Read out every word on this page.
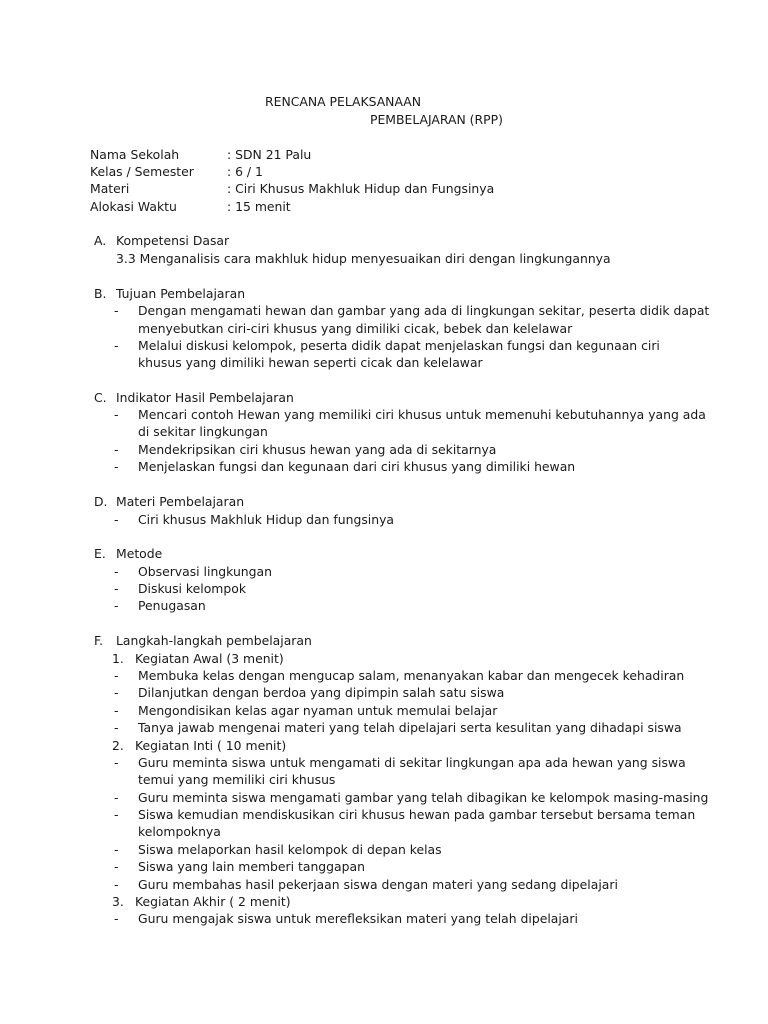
RENCANA PELAKSANAAN
PEMBELAJARAN (RPP)
Nama Sekolah	: SDN 21 Palu
Kelas / Semester	: 6 / 1
Materi	: Ciri Khusus Makhluk Hidup dan Fungsinya
Alokasi Waktu	: 15 menit
A. Kompetensi Dasar
3.3 Menganalisis cara makhluk hidup menyesuaikan diri dengan lingkungannya
B. Tujuan Pembelajaran
- Dengan mengamati hewan dan gambar yang ada di lingkungan sekitar, peserta didik dapat
menyebutkan ciri-ciri khusus yang dimiliki cicak, bebek dan kelelawar
- Melalui diskusi kelompok, peserta didik dapat menjelaskan fungsi dan kegunaan ciri
khusus yang dimiliki hewan seperti cicak dan kelelawar
C. Indikator Hasil Pembelajaran
- Mencari contoh Hewan yang memiliki ciri khusus untuk memenuhi kebutuhannya yang ada
di sekitar lingkungan
- Mendekripsikan ciri khusus hewan yang ada di sekitarnya
- Menjelaskan fungsi dan kegunaan dari ciri khusus yang dimiliki hewan
D. Materi Pembelajaran
- Ciri khusus Makhluk Hidup dan fungsinya
E. Metode
- Observasi lingkungan
- Diskusi kelompok
- Penugasan
F. Langkah-langkah pembelajaran
1. Kegiatan Awal (3 menit)
- Membuka kelas dengan mengucap salam, menanyakan kabar dan mengecek kehadiran
- Dilanjutkan dengan berdoa yang dipimpin salah satu siswa
- Mengondisikan kelas agar nyaman untuk memulai belajar
- Tanya jawab mengenai materi yang telah dipelajari serta kesulitan yang dihadapi siswa
2. Kegiatan Inti ( 10 menit)
- Guru meminta siswa untuk mengamati di sekitar lingkungan apa ada hewan yang siswa
temui yang memiliki ciri khusus
- Guru meminta siswa mengamati gambar yang telah dibagikan ke kelompok masing-masing
- Siswa kemudian mendiskusikan ciri khusus hewan pada gambar tersebut bersama teman
kelompoknya
- Siswa melaporkan hasil kelompok di depan kelas
- Siswa yang lain memberi tanggapan
- Guru membahas hasil pekerjaan siswa dengan materi yang sedang dipelajari
3. Kegiatan Akhir ( 2 menit)
- Guru mengajak siswa untuk merefleksikan materi yang telah dipelajari
